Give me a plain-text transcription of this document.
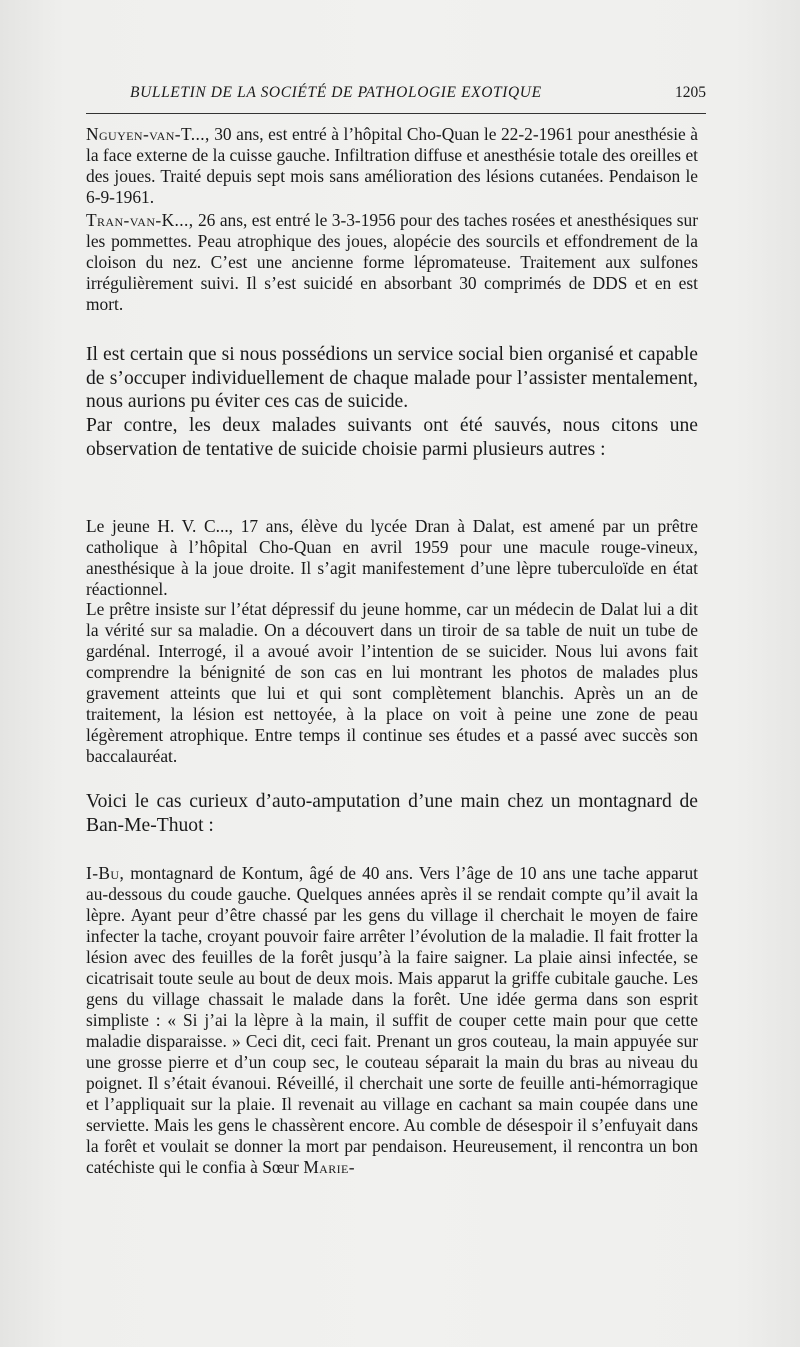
BULLETIN DE LA SOCIÉTÉ DE PATHOLOGIE EXOTIQUE	1205

Nguyen-van-T..., 30 ans, est entré à l’hôpital Cho-Quan le 22-2-1961 pour anesthésie à la face externe de la cuisse gauche. Infiltration diffuse et anesthésie totale des oreilles et des joues. Traité depuis sept mois sans amélioration des lésions cutanées. Pendaison le 6-9-1961.

Tran-van-K..., 26 ans, est entré le 3-3-1956 pour des taches rosées et anesthésiques sur les pommettes. Peau atrophique des joues, alopécie des sourcils et effondrement de la cloison du nez. C’est une ancienne forme lépromateuse. Traitement aux sulfones irrégulièrement suivi. Il s’est suicidé en absorbant 30 comprimés de DDS et en est mort.

Il est certain que si nous possédions un service social bien organisé et capable de s’occuper individuellement de chaque malade pour l’assister mentalement, nous aurions pu éviter ces cas de suicide.

Par contre, les deux malades suivants ont été sauvés, nous citons une observation de tentative de suicide choisie parmi plusieurs autres :

Le jeune H. V. C..., 17 ans, élève du lycée Dran à Dalat, est amené par un prêtre catholique à l’hôpital Cho-Quan en avril 1959 pour une macule rouge-vineux, anesthésique à la joue droite. Il s’agit manifestement d’une lèpre tuberculoïde en état réactionnel.

Le prêtre insiste sur l’état dépressif du jeune homme, car un médecin de Dalat lui a dit la vérité sur sa maladie. On a découvert dans un tiroir de sa table de nuit un tube de gardénal. Interrogé, il a avoué avoir l’intention de se suicider. Nous lui avons fait comprendre la bénignité de son cas en lui montrant les photos de malades plus gravement atteints que lui et qui sont complètement blanchis. Après un an de traitement, la lésion est nettoyée, à la place on voit à peine une zone de peau légèrement atrophique. Entre temps il continue ses études et a passé avec succès son baccalauréat.

Voici le cas curieux d’auto-amputation d’une main chez un montagnard de Ban-Me-Thuot :

I-Bu, montagnard de Kontum, âgé de 40 ans. Vers l’âge de 10 ans une tache apparut au-dessous du coude gauche. Quelques années après il se rendait compte qu’il avait la lèpre. Ayant peur d’être chassé par les gens du village il cherchait le moyen de faire infecter la tache, croyant pouvoir faire arrêter l’évolution de la maladie. Il fait frotter la lésion avec des feuilles de la forêt jusqu’à la faire saigner. La plaie ainsi infectée, se cicatrisait toute seule au bout de deux mois. Mais apparut la griffe cubitale gauche. Les gens du village chassait le malade dans la forêt. Une idée germa dans son esprit simpliste : « Si j’ai la lèpre à la main, il suffit de couper cette main pour que cette maladie disparaisse. » Ceci dit, ceci fait. Prenant un gros couteau, la main appuyée sur une grosse pierre et d’un coup sec, le couteau séparait la main du bras au niveau du poignet. Il s’était évanoui. Réveillé, il cherchait une sorte de feuille anti-hémorragique et l’appliquait sur la plaie. Il revenait au village en cachant sa main coupée dans une serviette. Mais les gens le chassèrent encore. Au comble de désespoir il s’enfuyait dans la forêt et voulait se donner la mort par pendaison. Heureusement, il rencontra un bon catéchiste qui le confia à Sœur Marie-
